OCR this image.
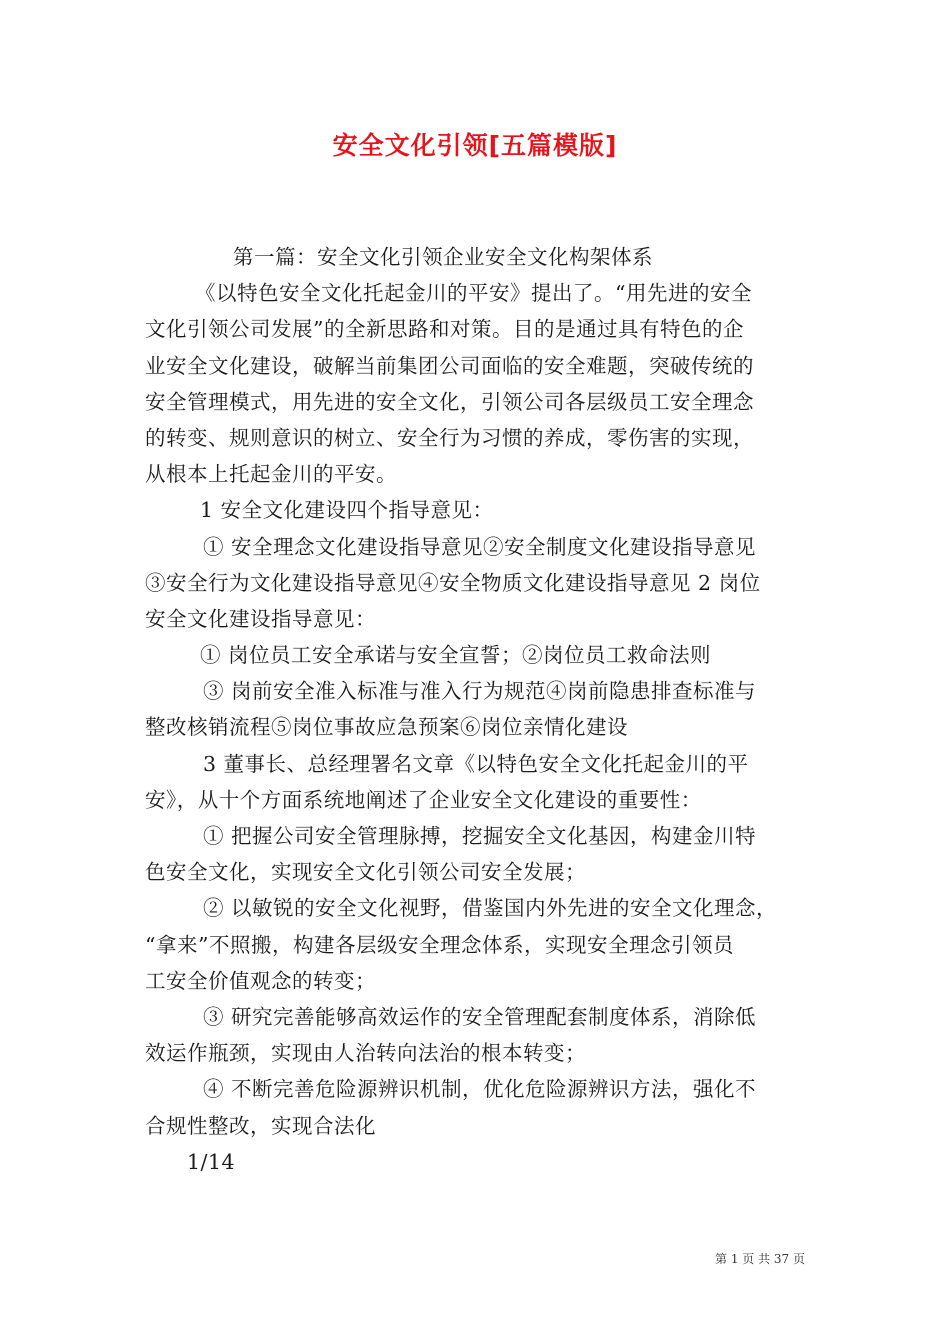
安全文化引领[五篇模版]
第一篇：安全文化引领企业安全文化构架体系
《以特色安全文化托起金川的平安》提出了。“用先进的安全
文化引领公司发展”的全新思路和对策。目的是通过具有特色的企
业安全文化建设，破解当前集团公司面临的安全难题，突破传统的
安全管理模式，用先进的安全文化，引领公司各层级员工安全理念
的转变、规则意识的树立、安全行为习惯的养成，零伤害的实现，
从根本上托起金川的平安。
1 安全文化建设四个指导意见：
① 安全理念文化建设指导意见②安全制度文化建设指导意见
③安全行为文化建设指导意见④安全物质文化建设指导意见 2 岗位
安全文化建设指导意见：
① 岗位员工安全承诺与安全宣誓；②岗位员工救命法则
③ 岗前安全准入标准与准入行为规范④岗前隐患排查标准与
整改核销流程⑤岗位事故应急预案⑥岗位亲情化建设
3 董事长、总经理署名文章《以特色安全文化托起金川的平
安》，从十个方面系统地阐述了企业安全文化建设的重要性：
① 把握公司安全管理脉搏，挖掘安全文化基因，构建金川特
色安全文化，实现安全文化引领公司安全发展；
② 以敏锐的安全文化视野，借鉴国内外先进的安全文化理念，
“拿来”不照搬，构建各层级安全理念体系，实现安全理念引领员
工安全价值观念的转变；
③ 研究完善能够高效运作的安全管理配套制度体系，消除低
效运作瓶颈，实现由人治转向法治的根本转变；
④ 不断完善危险源辨识机制，优化危险源辨识方法，强化不
合规性整改，实现合法化
1/14
第 1 页 共 37 页
